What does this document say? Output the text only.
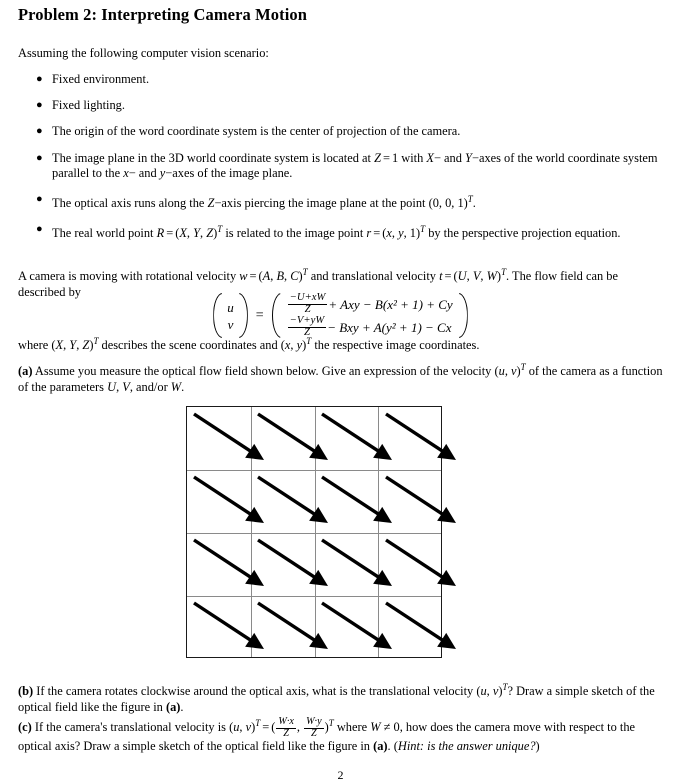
Problem 2: Interpreting Camera Motion
Assuming the following computer vision scenario:
● Fixed environment.
● Fixed lighting.
● The origin of the word coordinate system is the center of projection of the camera.
● The image plane in the 3D world coordinate system is located at Z = 1 with X− and Y−axes of the world coordinate system parallel to the x− and y−axes of the image plane.
● The optical axis runs along the Z−axis piercing the image plane at the point (0, 0, 1)$^T$.
● The real world point R = (X, Y, Z)$^T$ is related to the image point r = (x, y, 1)$^T$ by the perspective projection equation.
A camera is moving with rotational velocity w = (A, B, C)$^T$ and translational velocity t = (U, V, W)$^T$. The flow field can be described by
u
v
=	$\frac{-U+xW}{Z}$ + Axy − B(x² + 1) + Cy
$\frac{-V+yW}{Z}$ − Bxy + A(y² + 1) − Cx
where (X, Y, Z)$^T$ describes the scene coordinates and (x, y)$^T$ the respective image coordinates.
(a) Assume you measure the optical flow field shown below. Give an expression of the velocity (u, v)$^T$ of the camera as a function of the parameters U, V, and/or W.
(b) If the camera rotates clockwise around the optical axis, what is the translational velocity (u, v)$^T$? Draw a simple sketch of the optical field like the figure in (a).
(c) If the camera's translational velocity is (u, v)$^T$ = ( $\frac{W\cdot x}{Z}$ , $\frac{W\cdot y}{Z} )^T$ where W ≠ 0, how does the camera move with respect to the optical axis? Draw a simple sketch of the optical field like the figure in (a). (Hint: is the answer unique?)
2
